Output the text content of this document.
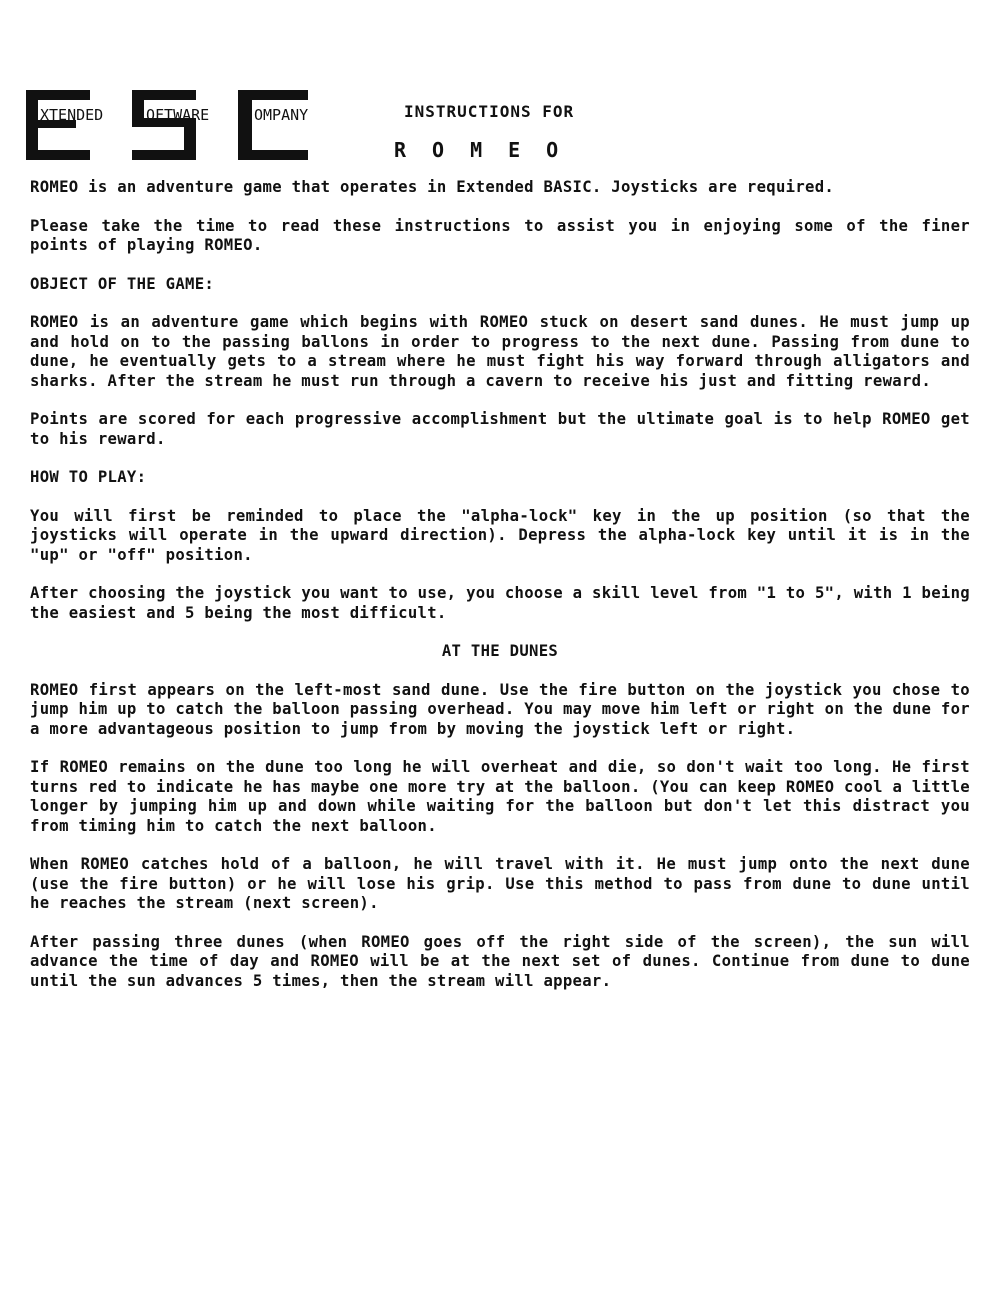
XTENDED	OFTWARE	OMPANY	INSTRUCTIONS FOR
ROMEO

ROMEO is an adventure game that operates in Extended BASIC. Joysticks are required.

Please take the time to read these instructions to assist you in enjoying some of the finer points of playing ROMEO.

OBJECT OF THE GAME:

ROMEO is an adventure game which begins with ROMEO stuck on desert sand dunes. He must jump up and hold on to the passing ballons in order to progress to the next dune. Passing from dune to dune, he eventually gets to a stream where he must fight his way forward through alligators and sharks. After the stream he must run through a cavern to receive his just and fitting reward.

Points are scored for each progressive accomplishment but the ultimate goal is to help ROMEO get to his reward.

HOW TO PLAY:

You will first be reminded to place the "alpha-lock" key in the up position (so that the joysticks will operate in the upward direction). Depress the alpha-lock key until it is in the "up" or "off" position.

After choosing the joystick you want to use, you choose a skill level from "1 to 5", with 1 being the easiest and 5 being the most difficult.

AT THE DUNES

ROMEO first appears on the left-most sand dune. Use the fire button on the joystick you chose to jump him up to catch the balloon passing overhead. You may move him left or right on the dune for a more advantageous position to jump from by moving the joystick left or right.

If ROMEO remains on the dune too long he will overheat and die, so don't wait too long. He first turns red to indicate he has maybe one more try at the balloon. (You can keep ROMEO cool a little longer by jumping him up and down while waiting for the balloon but don't let this distract you from timing him to catch the next balloon.

When ROMEO catches hold of a balloon, he will travel with it. He must jump onto the next dune (use the fire button) or he will lose his grip. Use this method to pass from dune to dune until he reaches the stream (next screen).

After passing three dunes (when ROMEO goes off the right side of the screen), the sun will advance the time of day and ROMEO will be at the next set of dunes. Continue from dune to dune until the sun advances 5 times, then the stream will appear.
